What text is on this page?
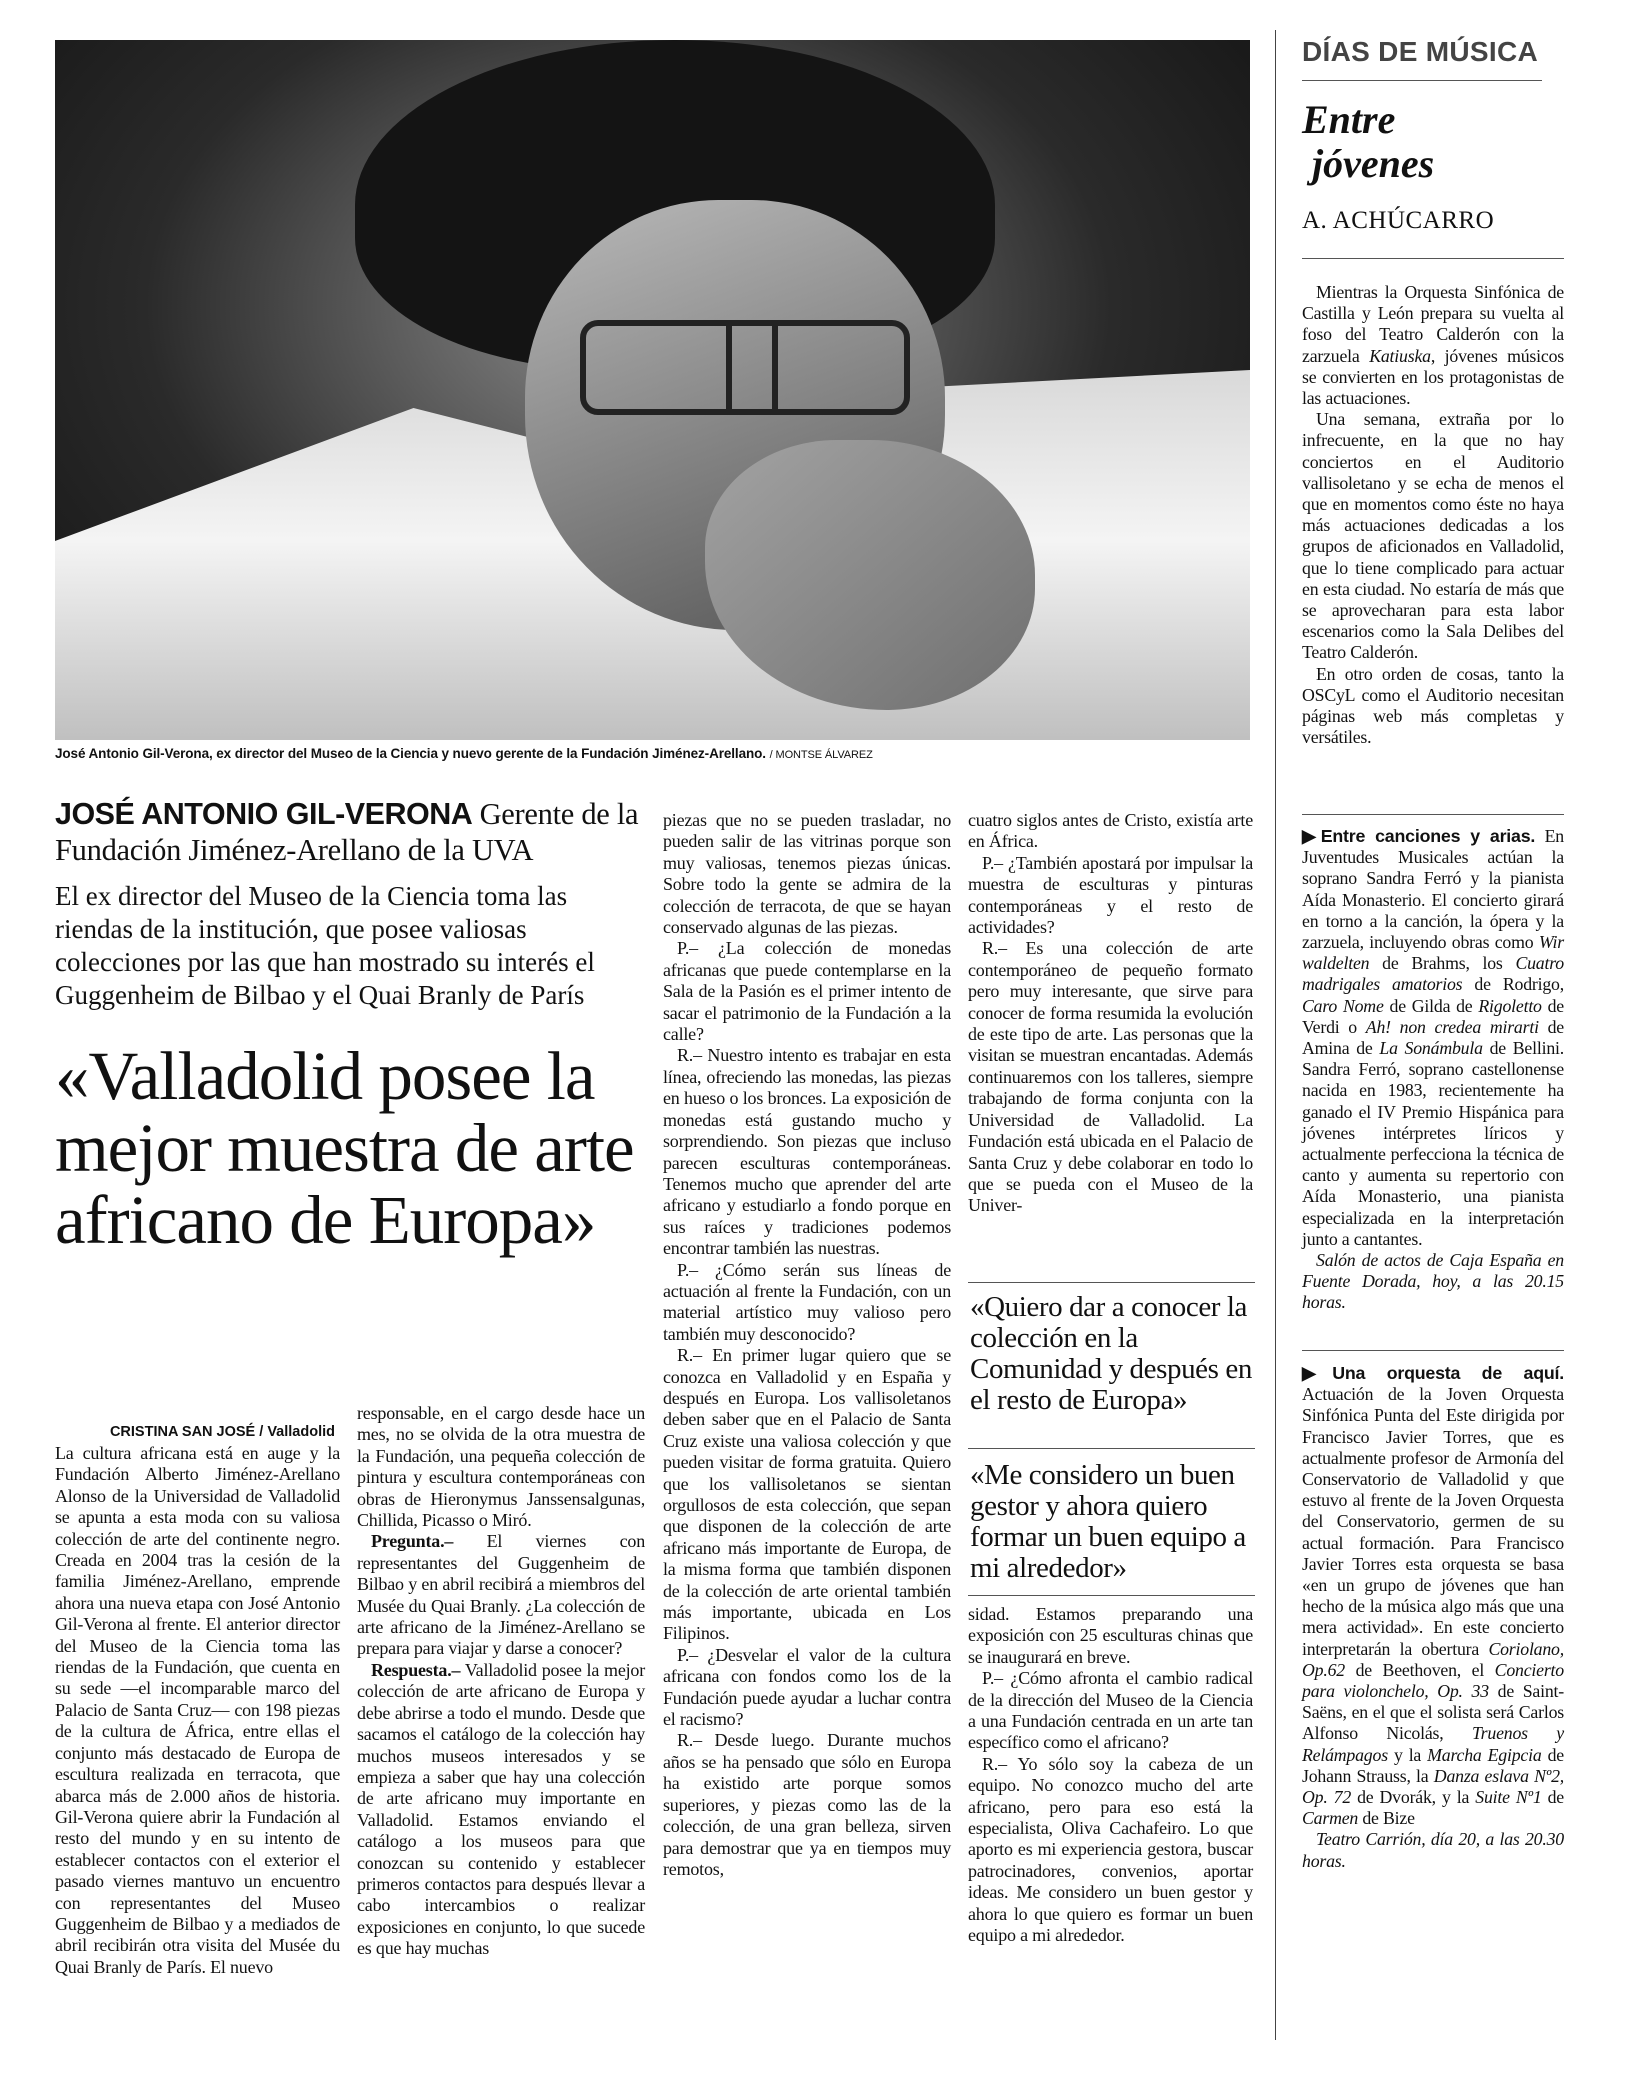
José Antonio Gil-Verona, ex director del Museo de la Ciencia y nuevo gerente de la Fundación Jiménez-Arellano. / MONTSE ÁLVAREZ
JOSÉ ANTONIO GIL-VERONA Gerente de la Fundación Jiménez-Arellano de la UVA
El ex director del Museo de la Ciencia toma las riendas de la institución, que posee valiosas colecciones por las que han mostrado su interés el Guggenheim de Bilbao y el Quai Branly de París
«Valladolid posee la mejor muestra de arte africano de Europa»
CRISTINA SAN JOSÉ / Valladolid

La cultura africana está en auge y la Fundación Alberto Jiménez-Arellano Alonso de la Universidad de Valladolid se apunta a esta moda con su valiosa colección de arte del continente negro. Creada en 2004 tras la cesión de la familia Jiménez-Arellano, emprende ahora una nueva etapa con José Antonio Gil-Verona al frente. El anterior director del Museo de la Ciencia toma las riendas de la Fundación, que cuenta en su sede —el incomparable marco del Palacio de Santa Cruz— con 198 piezas de la cultura de África, entre ellas el conjunto más destacado de Europa de escultura realizada en terracota, que abarca más de 2.000 años de historia. Gil-Verona quiere abrir la Fundación al resto del mundo y en su intento de establecer contactos con el exterior el pasado viernes mantuvo un encuentro con representantes del Museo Guggenheim de Bilbao y a mediados de abril recibirán otra visita del Musée du Quai Branly de París. El nuevo

responsable, en el cargo desde hace un mes, no se olvida de la otra muestra de la Fundación, una pequeña colección de pintura y escultura contemporáneas con obras de Hieronymus Janssensalgunas, Chillida, Picasso o Miró.

Pregunta.– El viernes con representantes del Guggenheim de Bilbao y en abril recibirá a miembros del Musée du Quai Branly. ¿La colección de arte africano de la Jiménez-Arellano se prepara para viajar y darse a conocer?

Respuesta.– Valladolid posee la mejor colección de arte africano de Europa y debe abrirse a todo el mundo. Desde que sacamos el catálogo de la colección hay muchos museos interesados y se empieza a saber que hay una colección de arte africano muy importante en Valladolid. Estamos enviando el catálogo a los museos para que conozcan su contenido y establecer primeros contactos para después llevar a cabo intercambios o realizar exposiciones en conjunto, lo que sucede es que hay muchas

piezas que no se pueden trasladar, no pueden salir de las vitrinas porque son muy valiosas, tenemos piezas únicas. Sobre todo la gente se admira de la colección de terracota, de que se hayan conservado algunas de las piezas.

P.– ¿La colección de monedas africanas que puede contemplarse en la Sala de la Pasión es el primer intento de sacar el patrimonio de la Fundación a la calle?

R.– Nuestro intento es trabajar en esta línea, ofreciendo las monedas, las piezas en hueso o los bronces. La exposición de monedas está gustando mucho y sorprendiendo. Son piezas que incluso parecen esculturas contemporáneas. Tenemos mucho que aprender del arte africano y estudiarlo a fondo porque en sus raíces y tradiciones podemos encontrar también las nuestras.

P.– ¿Cómo serán sus líneas de actuación al frente la Fundación, con un material artístico muy valioso pero también muy desconocido?

R.– En primer lugar quiero que se conozca en Valladolid y en España y después en Europa. Los vallisoletanos deben saber que en el Palacio de Santa Cruz existe una valiosa colección y que pueden visitar de forma gratuita. Quiero que los vallisoletanos se sientan orgullosos de esta colección, que sepan que disponen de la colección de arte africano más importante de Europa, de la misma forma que también disponen de la colección de arte oriental también más importante, ubicada en Los Filipinos.

P.– ¿Desvelar el valor de la cultura africana con fondos como los de la Fundación puede ayudar a luchar contra el racismo?

R.– Desde luego. Durante muchos años se ha pensado que sólo en Europa ha existido arte porque somos superiores, y piezas como las de la colección, de una gran belleza, sirven para demostrar que ya en tiempos muy remotos,

cuatro siglos antes de Cristo, existía arte en África.

P.– ¿También apostará por impulsar la muestra de esculturas y pinturas contemporáneas y el resto de actividades?

R.– Es una colección de arte contemporáneo de pequeño formato pero muy interesante, que sirve para conocer de forma resumida la evolución de este tipo de arte. Las personas que la visitan se muestran encantadas. Además continuaremos con los talleres, siempre trabajando de forma conjunta con la Universidad de Valladolid. La Fundación está ubicada en el Palacio de Santa Cruz y debe colaborar en todo lo que se pueda con el Museo de la Univer-

«Quiero dar a conocer la colección en la Comunidad y después en el resto de Europa»
«Me considero un buen gestor y ahora quiero formar un buen equipo a mi alrededor»

sidad. Estamos preparando una exposición con 25 esculturas chinas que se inaugurará en breve.

P.– ¿Cómo afronta el cambio radical de la dirección del Museo de la Ciencia a una Fundación centrada en un arte tan específico como el africano?

R.– Yo sólo soy la cabeza de un equipo. No conozco mucho del arte africano, pero para eso está la especialista, Oliva Cachafeiro. Lo que aporto es mi experiencia gestora, buscar patrocinadores, convenios, aportar ideas. Me considero un buen gestor y ahora lo que quiero es formar un buen equipo a mi alrededor.

DÍAS DE MÚSICA
Entre
jóvenes
A. ACHÚCARRO

Mientras la Orquesta Sinfónica de Castilla y León prepara su vuelta al foso del Teatro Calderón con la zarzuela Katiuska, jóvenes músicos se convierten en los protagonistas de las actuaciones.

Una semana, extraña por lo infrecuente, en la que no hay conciertos en el Auditorio vallisoletano y se echa de menos el que en momentos como éste no haya más actuaciones dedicadas a los grupos de aficionados en Valladolid, que lo tiene complicado para actuar en esta ciudad. No estaría de más que se aprovecharan para esta labor escenarios como la Sala Delibes del Teatro Calderón.

En otro orden de cosas, tanto la OSCyL como el Auditorio necesitan páginas web más completas y versátiles.

▶Entre canciones y arias. En Juventudes Musicales actúan la soprano Sandra Ferró y la pianista Aída Monasterio. El concierto girará en torno a la canción, la ópera y la zarzuela, incluyendo obras como Wir waldelten de Brahms, los Cuatro madrigales amatorios de Rodrigo, Caro Nome de Gilda de Rigoletto de Verdi o Ah! non credea mirarti de Amina de La Sonámbula de Bellini. Sandra Ferró, soprano castellonense nacida en 1983, recientemente ha ganado el IV Premio Hispánica para jóvenes intérpretes líricos y actualmente perfecciona la técnica de canto y aumenta su repertorio con Aída Monasterio, una pianista especializada en la interpretación junto a cantantes.

Salón de actos de Caja España en Fuente Dorada, hoy, a las 20.15 horas.

▶Una orquesta de aquí. Actuación de la Joven Orquesta Sinfónica Punta del Este dirigida por Francisco Javier Torres, que es actualmente profesor de Armonía del Conservatorio de Valladolid y que estuvo al frente de la Joven Orquesta del Conservatorio, germen de su actual formación. Para Francisco Javier Torres esta orquesta se basa «en un grupo de jóvenes que han hecho de la música algo más que una mera actividad». En este concierto interpretarán la obertura Coriolano, Op.62 de Beethoven, el Concierto para violonchelo, Op. 33 de Saint-Saëns, en el que el solista será Carlos Alfonso Nicolás, Truenos y Relámpagos y la Marcha Egipcia de Johann Strauss, la Danza eslava Nº2, Op. 72 de Dvorák, y la Suite Nº1 de Carmen de Bize

Teatro Carrión, día 20, a las 20.30 horas.
